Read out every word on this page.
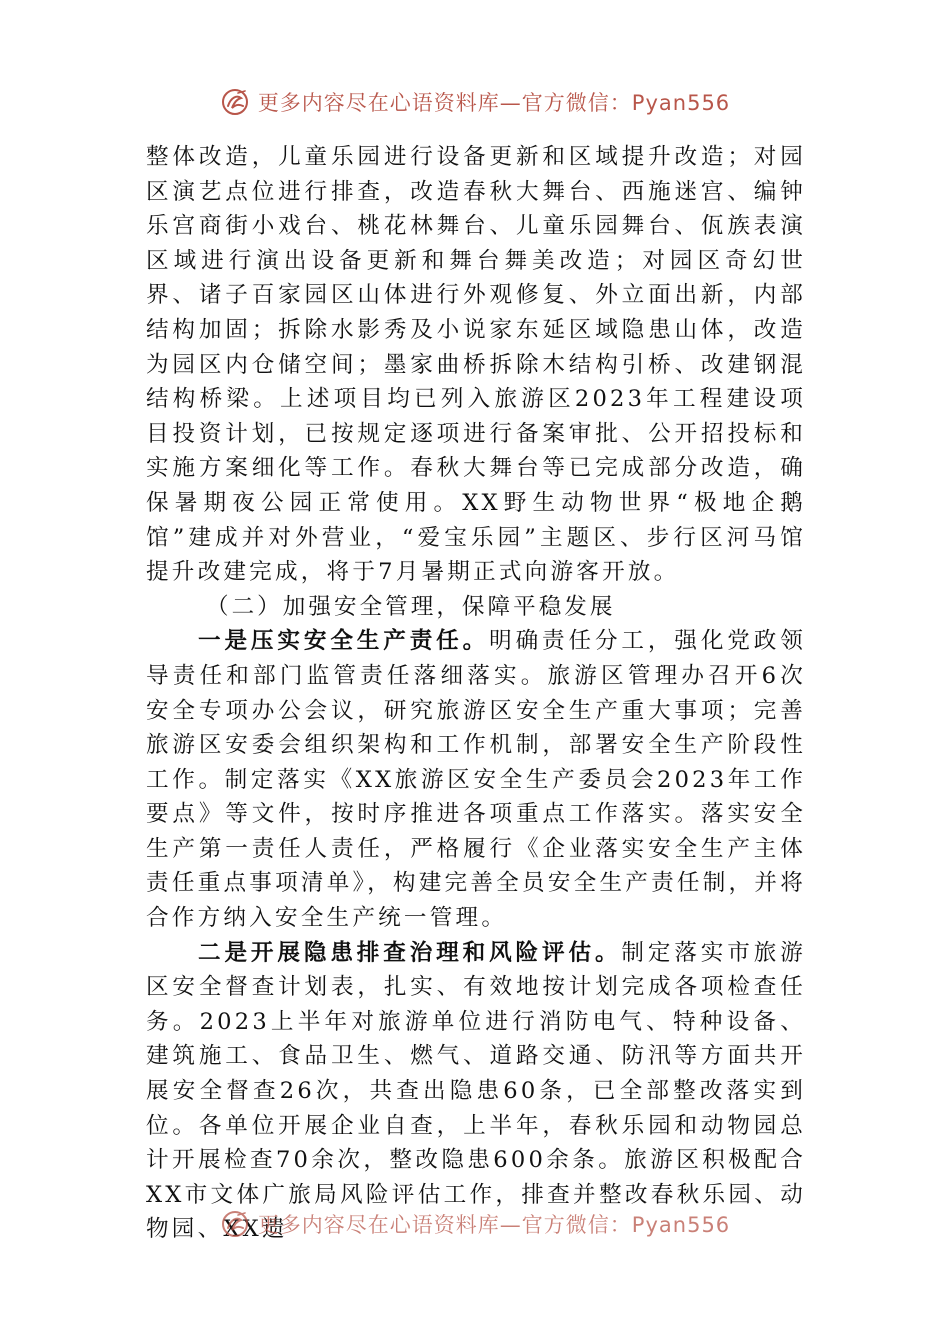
更多内容尽在心语资料库—官方微信：Pyan556

整体改造，儿童乐园进行设备更新和区域提升改造；对园区演艺点位进行排查，改造春秋大舞台、西施迷宫、编钟乐宫商街小戏台、桃花林舞台、儿童乐园舞台、佤族表演区域进行演出设备更新和舞台舞美改造；对园区奇幻世界、诸子百家园区山体进行外观修复、外立面出新，内部结构加固；拆除水影秀及小说家东延区域隐患山体，改造为园区内仓储空间；墨家曲桥拆除木结构引桥、改建钢混结构桥梁。上述项目均已列入旅游区2023年工程建设项目投资计划，已按规定逐项进行备案审批、公开招投标和实施方案细化等工作。春秋大舞台等已完成部分改造，确保暑期夜公园正常使用。XX野生动物世界“极地企鹅馆”建成并对外营业，“爱宝乐园”主题区、步行区河马馆提升改建完成，将于7月暑期正式向游客开放。

（二）加强安全管理，保障平稳发展

一是压实安全生产责任。明确责任分工，强化党政领导责任和部门监管责任落细落实。旅游区管理办召开6次安全专项办公会议，研究旅游区安全生产重大事项；完善旅游区安委会组织架构和工作机制，部署安全生产阶段性工作。制定落实《XX旅游区安全生产委员会2023年工作要点》等文件，按时序推进各项重点工作落实。落实安全生产第一责任人责任，严格履行《企业落实安全生产主体责任重点事项清单》，构建完善全员安全生产责任制，并将合作方纳入安全生产统一管理。

二是开展隐患排查治理和风险评估。制定落实市旅游区安全督查计划表，扎实、有效地按计划完成各项检查任务。2023上半年对旅游单位进行消防电气、特种设备、建筑施工、食品卫生、燃气、道路交通、防汛等方面共开展安全督查26次，共查出隐患60条，已全部整改落实到位。各单位开展企业自查，上半年，春秋乐园和动物园总计开展检查70余次，整改隐患600余条。旅游区积极配合XX市文体广旅局风险评估工作，排查并整改春秋乐园、动物园、XX遗

更多内容尽在心语资料库—官方微信：Pyan556
